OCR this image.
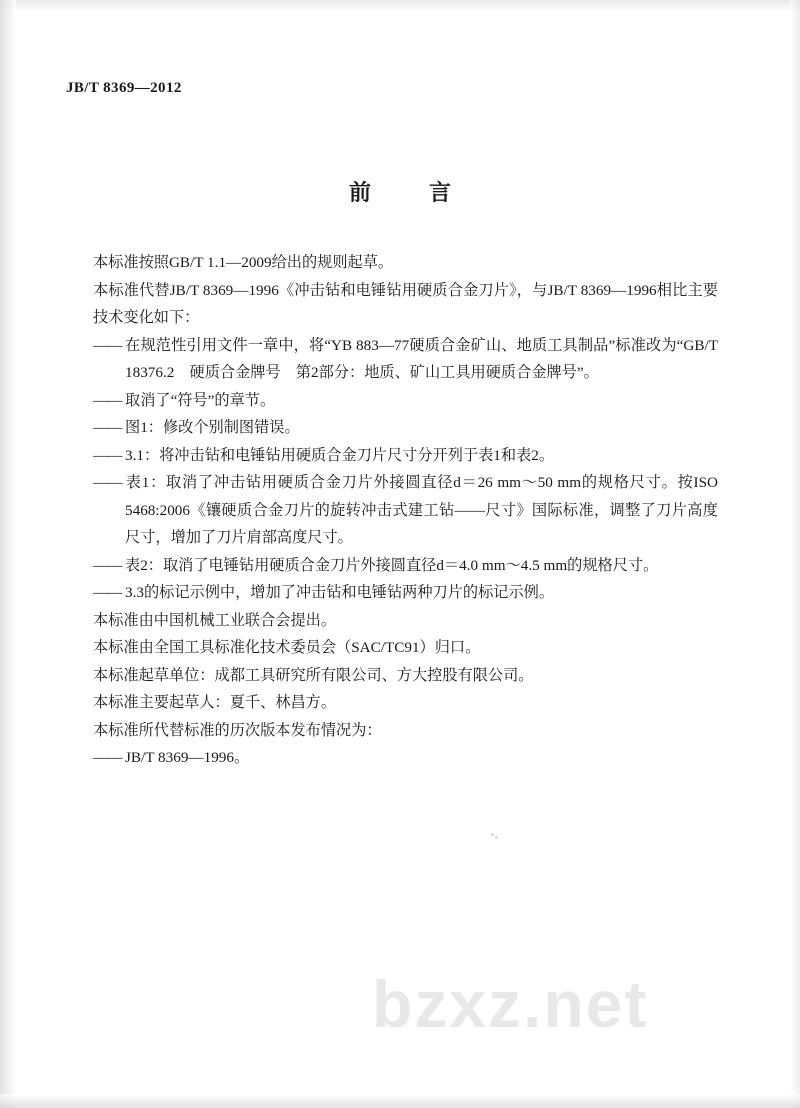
JB/T 8369—2012
前　言

本标准按照GB/T 1.1—2009给出的规则起草。

本标准代替JB/T 8369—1996《冲击钻和电锤钻用硬质合金刀片》，与JB/T 8369—1996相比主要技术变化如下：

—— 在规范性引用文件一章中，将“YB 883—77硬质合金矿山、地质工具制品”标准改为“GB/T 18376.2　硬质合金牌号　第2部分：地质、矿山工具用硬质合金牌号”。

—— 取消了“符号”的章节。

—— 图1：修改个别制图错误。

—— 3.1：将冲击钻和电锤钻用硬质合金刀片尺寸分开列于表1和表2。

—— 表1：取消了冲击钻用硬质合金刀片外接圆直径d＝26 mm～50 mm的规格尺寸。按ISO 5468:2006《镶硬质合金刀片的旋转冲击式建工钻——尺寸》国际标准，调整了刀片高度尺寸，增加了刀片肩部高度尺寸。

—— 表2：取消了电锤钻用硬质合金刀片外接圆直径d＝4.0 mm～4.5 mm的规格尺寸。

—— 3.3的标记示例中，增加了冲击钻和电锤钻两种刀片的标记示例。

本标准由中国机械工业联合会提出。

本标准由全国工具标准化技术委员会（SAC/TC91）归口。

本标准起草单位：成都工具研究所有限公司、方大控股有限公司。

本标准主要起草人：夏千、林昌方。

本标准所代替标准的历次版本发布情况为：

—— JB/T 8369—1996。

bzxz.net
